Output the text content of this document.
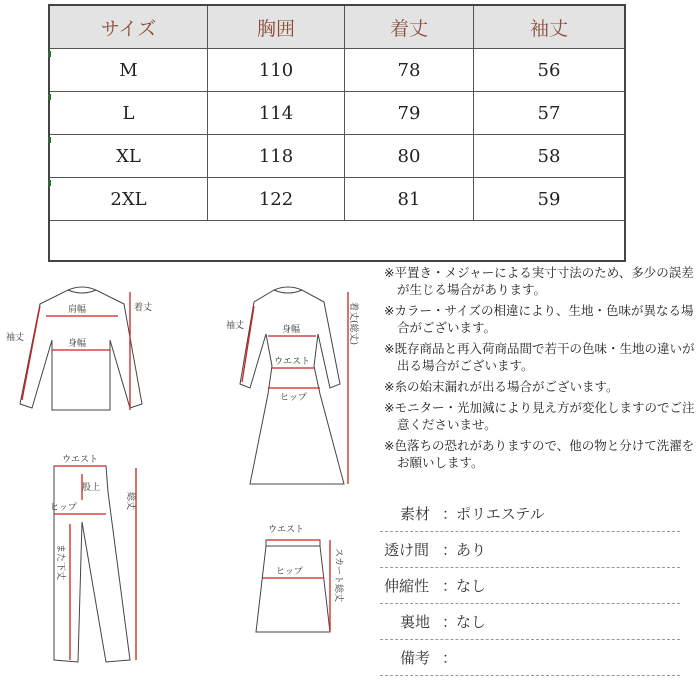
サイズ	胸囲	着丈	袖丈
M	110	78	56
L	114	79	57
XL	118	80	58
2XL	122	81	59

肩幅
身幅
袖丈
着丈
袖丈	身幅
ウエスト
ヒップ
着丈(総丈)
ウエスト
股上
ヒップ
また下丈
総丈
ウエスト
ヒップ	スカート総丈

※平置き・メジャーによる実寸寸法のため、多少の誤差が生じる場合があります。

※カラー・サイズの相違により、生地・色味が異なる場合がございます。

※既存商品と再入荷商品間で若干の色味・生地の違いが出る場合がございます。

※糸の始末漏れが出る場合がございます。

※モニター・光加減により見え方が変化しますのでご注意くださいませ。

※色落ちの恐れがありますので、他の物と分けて洗濯をお願いします。

素材 ：
ポリエステル
透け間 ：
あり
伸縮性 ：
なし
裏地 ：
なし
備考 ：
